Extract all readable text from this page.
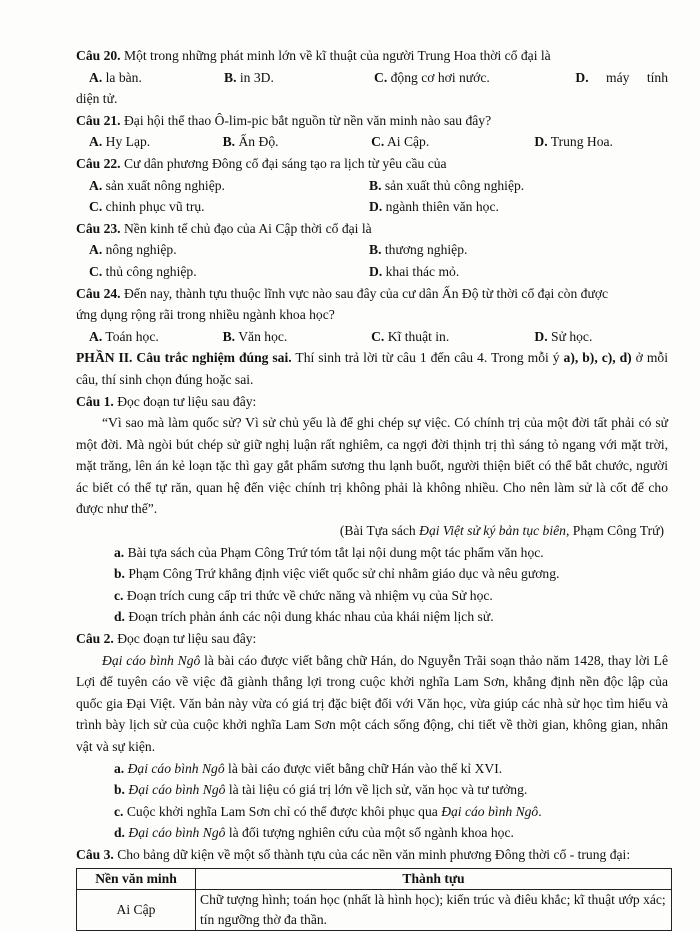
Câu 20. Một trong những phát minh lớn về kĩ thuật của người Trung Hoa thời cổ đại là
A. la bàn.	B. in 3D.	C. động cơ hơi nước.	D. máy tính
diện tử.
Câu 21. Đại hội thể thao Ô-lim-pic bắt nguồn từ nền văn minh nào sau đây?
A. Hy Lạp.	B. Ấn Độ.	C. Ai Cập.	D. Trung Hoa.
Câu 22. Cư dân phương Đông cổ đại sáng tạo ra lịch từ yêu cầu của
A. sản xuất nông nghiệp.	B. sản xuất thủ công nghiệp.
C. chinh phục vũ trụ.	D. ngành thiên văn học.
Câu 23. Nền kinh tế chủ đạo của Ai Cập thời cổ đại là
A. nông nghiệp.	B. thương nghiệp.
C. thủ công nghiệp.	D. khai thác mỏ.
Câu 24. Đến nay, thành tựu thuộc lĩnh vực nào sau đây của cư dân Ấn Độ từ thời cổ đại còn được
ứng dụng rộng rãi trong nhiều ngành khoa học?
A. Toán học.	B. Văn học.	C. Kĩ thuật in.	D. Sử học.
PHẦN II. Câu trắc nghiệm đúng sai. Thí sinh trả lời từ câu 1 đến câu 4. Trong mỗi ý a), b), c), d) ở mỗi câu, thí sinh chọn đúng hoặc sai.
Câu 1. Đọc đoạn tư liệu sau đây:
“Vì sao mà làm quốc sử? Vì sử chủ yếu là để ghi chép sự việc. Có chính trị của một đời tất phải có sử một đời. Mà ngòi bút chép sử giữ nghị luận rất nghiêm, ca ngợi đời thịnh trị thì sáng tỏ ngang với mặt trời, mặt trăng, lên án kẻ loạn tặc thì gay gắt phẩm sương thu lạnh buốt, người thiện biết có thể bắt chước, người ác biết có thể tự răn, quan hệ đến việc chính trị không phải là không nhiều. Cho nên làm sử là cốt để cho được như thế”.
(Bài Tựa sách Đại Việt sử ký bản tục biên, Phạm Công Trứ)
a. Bài tựa sách của Phạm Công Trứ tóm tắt lại nội dung một tác phẩm văn học.
b. Phạm Công Trứ khẳng định việc viết quốc sử chỉ nhằm giáo dục và nêu gương.
c. Đoạn trích cung cấp tri thức về chức năng và nhiệm vụ của Sử học.
d. Đoạn trích phản ánh các nội dung khác nhau của khái niệm lịch sử.
Câu 2. Đọc đoạn tư liệu sau đây:
Đại cáo bình Ngô là bài cáo được viết bằng chữ Hán, do Nguyễn Trãi soạn thảo năm 1428, thay lời Lê Lợi để tuyên cáo về việc đã giành thắng lợi trong cuộc khởi nghĩa Lam Sơn, khẳng định nền độc lập của quốc gia Đại Việt. Văn bản này vừa có giá trị đặc biệt đối với Văn học, vừa giúp các nhà sử học tìm hiểu và trình bày lịch sử của cuộc khởi nghĩa Lam Sơn một cách sống động, chi tiết về thời gian, không gian, nhân vật và sự kiện.
a. Đại cáo bình Ngô là bài cáo được viết bằng chữ Hán vào thế kỉ XVI.
b. Đại cáo bình Ngô là tài liệu có giá trị lớn về lịch sử, văn học và tư tưởng.
c. Cuộc khởi nghĩa Lam Sơn chỉ có thể được khôi phục qua Đại cáo bình Ngô.
d. Đại cáo bình Ngô là đối tượng nghiên cứu của một số ngành khoa học.
Câu 3. Cho bảng dữ kiện về một số thành tựu của các nền văn minh phương Đông thời cổ - trung đại:
Nền văn minh	Thành tựu
Ai Cập	Chữ tượng hình; toán học (nhất là hình học); kiến trúc và điêu khắc; kĩ thuật ướp xác; tín ngưỡng thờ đa thần.
